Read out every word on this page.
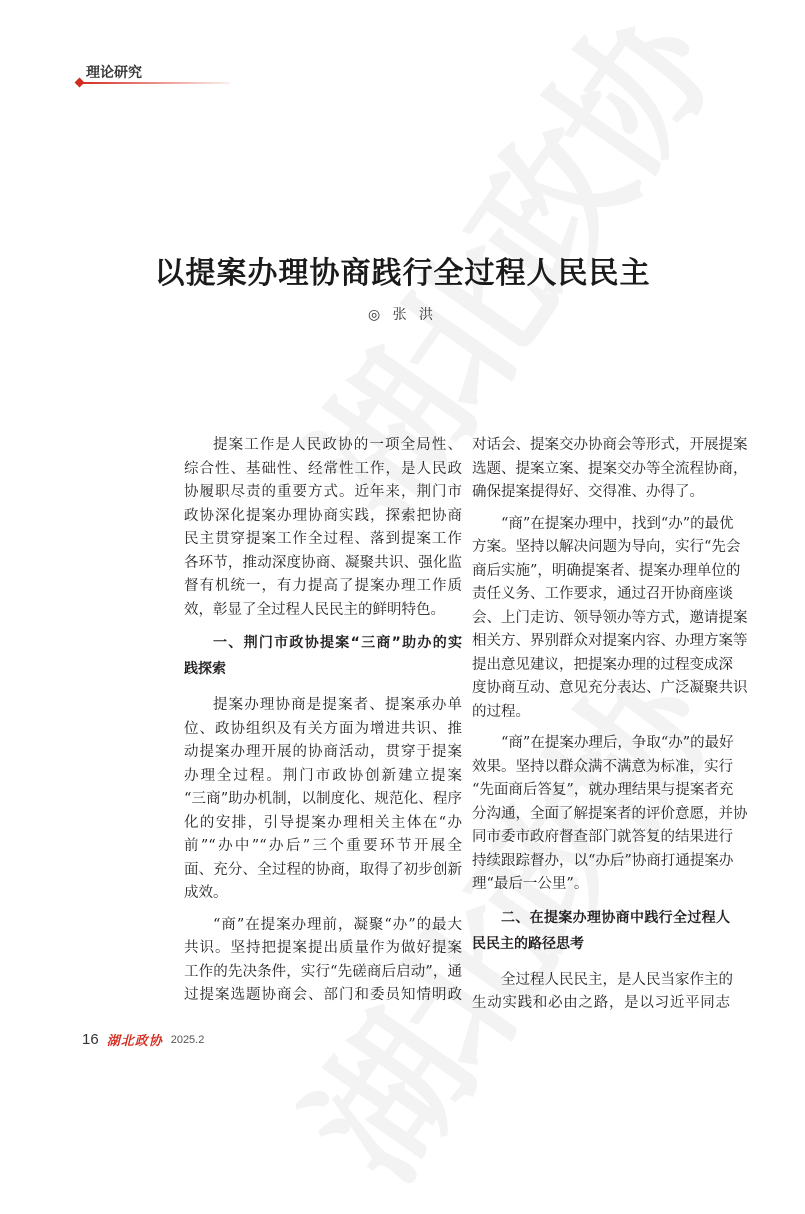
理论研究
以提案办理协商践行全过程人民民主
◎ 张 洪
提案工作是人民政协的一项全局性、
综合性、基础性、经常性工作，是人民政
协履职尽责的重要方式。近年来，荆门市
政协深化提案办理协商实践，探索把协商
民主贯穿提案工作全过程、落到提案工作
各环节，推动深度协商、凝聚共识、强化监
督有机统一，有力提高了提案办理工作质
效，彰显了全过程人民民主的鲜明特色。
一、荆门市政协提案“三商”助办的实
践探索
提案办理协商是提案者、提案承办单
位、政协组织及有关方面为增进共识、推
动提案办理开展的协商活动，贯穿于提案
办理全过程。荆门市政协创新建立提案
“三商”助办机制，以制度化、规范化、程序
化的安排，引导提案办理相关主体在“办
前”“办中”“办后”三个重要环节开展全
面、充分、全过程的协商，取得了初步创新
成效。
“商”在提案办理前，凝聚“办”的最大
共识。坚持把提案提出质量作为做好提案
工作的先决条件，实行“先磋商后启动”，通
过提案选题协商会、部门和委员知情明政
对话会、提案交办协商会等形式，开展提案
选题、提案立案、提案交办等全流程协商，
确保提案提得好、交得准、办得了。
“商”在提案办理中，找到“办”的最优
方案。坚持以解决问题为导向，实行“先会
商后实施”，明确提案者、提案办理单位的
责任义务、工作要求，通过召开协商座谈
会、上门走访、领导领办等方式，邀请提案
相关方、界别群众对提案内容、办理方案等
提出意见建议，把提案办理的过程变成深
度协商互动、意见充分表达、广泛凝聚共识
的过程。
“商”在提案办理后，争取“办”的最好
效果。坚持以群众满不满意为标准，实行
“先面商后答复”，就办理结果与提案者充
分沟通，全面了解提案者的评价意愿，并协
同市委市政府督查部门就答复的结果进行
持续跟踪督办，以“办后”协商打通提案办
理“最后一公里”。
二、在提案办理协商中践行全过程人
民民主的路径思考
全过程人民民主，是人民当家作主的
生动实践和必由之路，是以习近平同志
16 湖北政协 2025.2
